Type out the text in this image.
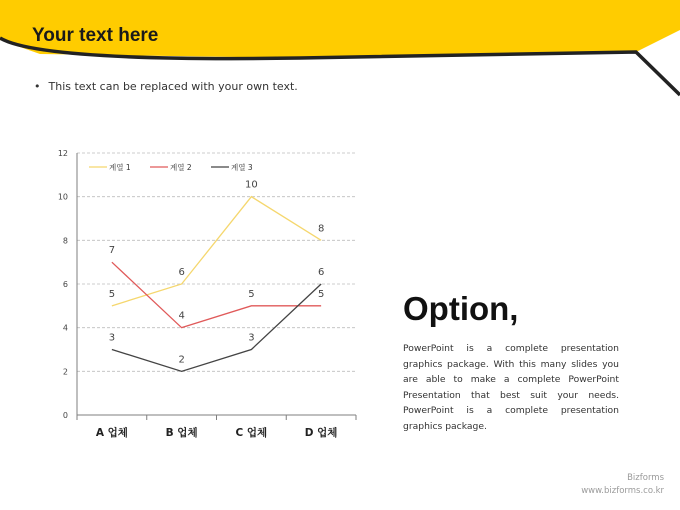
Your text here
• This text can be replaced with your own text.
0
2
4
6
8
10
12
A 업체	B 업체	C 업체	D 업체
5
6
10
8
7
4
5	5
3
2
3
6
계열 1	계열 2	계열 3
Option,
PowerPoint is a complete presentation graphics package. With this many slides you are able to make a complete PowerPoint Presentation that best suit your needs. PowerPoint is a complete presentation graphics package.
Bizforms
www.bizforms.co.kr
